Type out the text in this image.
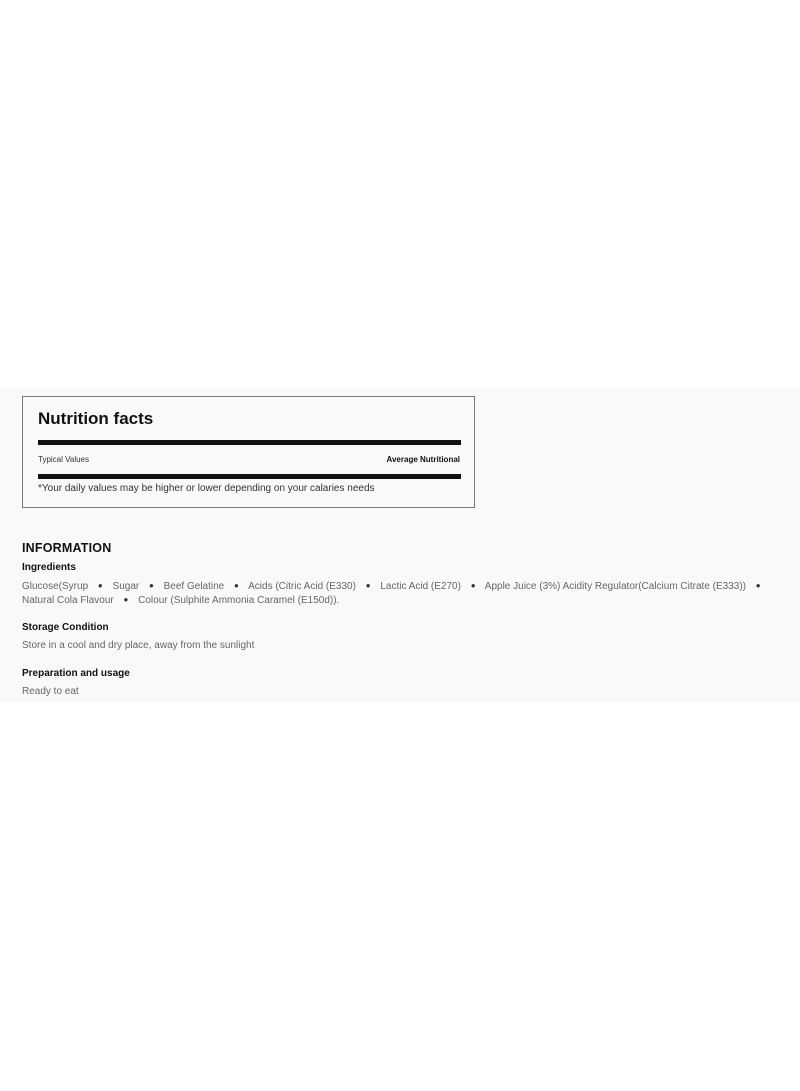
Nutrition facts
Typical Values	Average Nutritional
*Your daily values may be higher or lower depending on your calaries needs
INFORMATION
Ingredients
Glucose(Syrup ● Sugar ● Beef Gelatine ● Acids (Citric Acid (E330) ● Lactic Acid (E270) ● Apple Juice (3%) Acidity Regulator(Calcium Citrate (E333)) ● Natural Cola Flavour ● Colour (Sulphite Ammonia Caramel (E150d)).
Storage Condition
Store in a cool and dry place, away from the sunlight
Preparation and usage
Ready to eat
